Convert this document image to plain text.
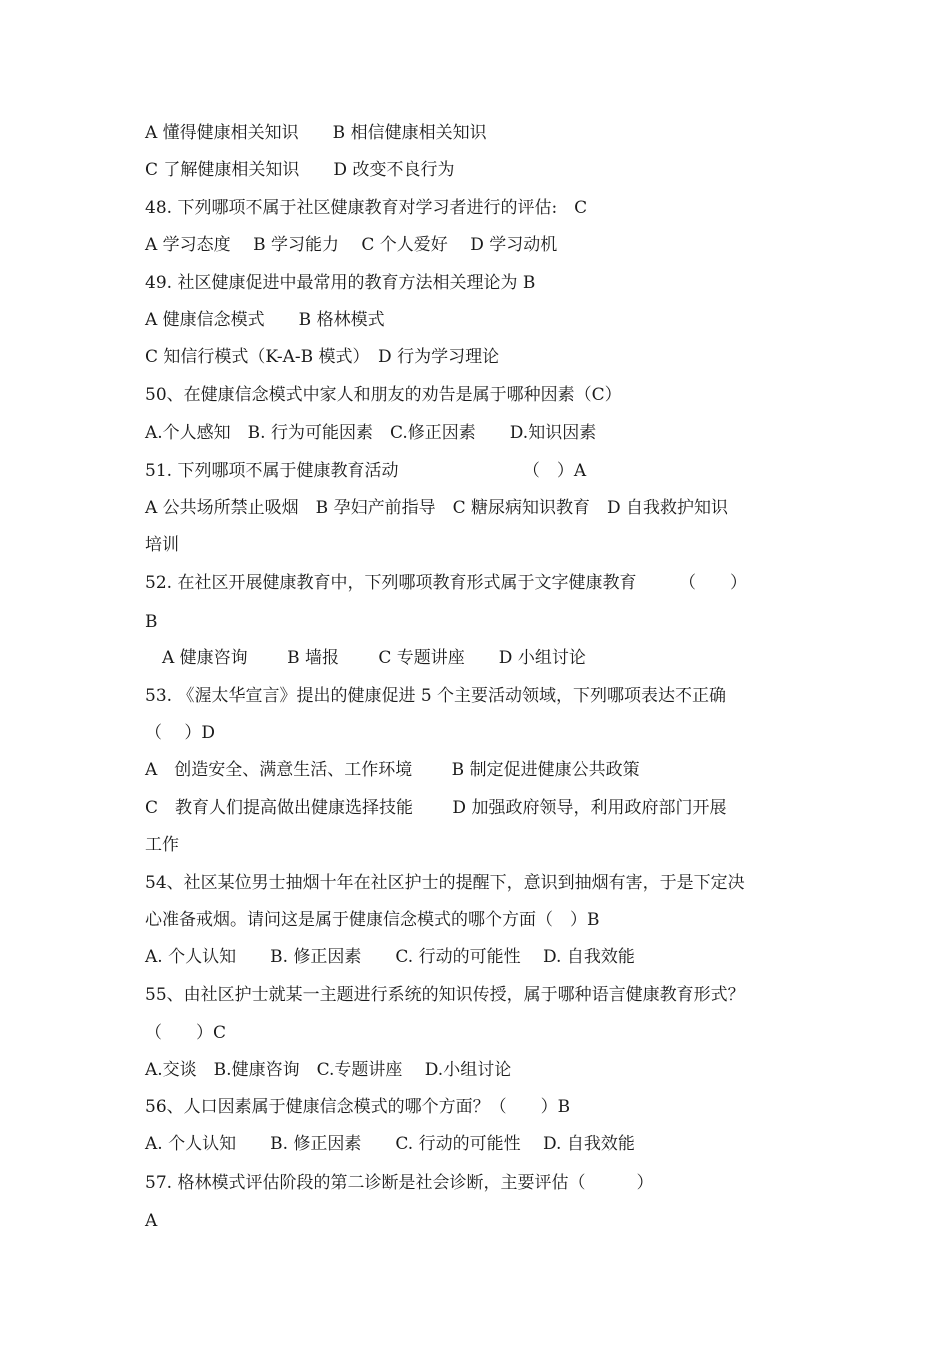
A 懂得健康相关知识　　B 相信健康相关知识
C 了解健康相关知识　　D 改变不良行为
48. 下列哪项不属于社区健康教育对学习者进行的评估:　C
A 学习态度　 B 学习能力　 C 个人爱好　 D 学习动机
49. 社区健康促进中最常用的教育方法相关理论为 B
A 健康信念模式　　B 格林模式
C 知信行模式（K-A-B 模式）　D 行为学习理论
50、在健康信念模式中家人和朋友的劝告是属于哪种因素（C）
A.个人感知　B. 行为可能因素　C.修正因素　　D.知识因素
51. 下列哪项不属于健康教育活动　　　　　　　 （　）A
A 公共场所禁止吸烟　B 孕妇产前指导　C 糖尿病知识教育　D 自我救护知识
培训
52. 在社区开展健康教育中，下列哪项教育形式属于文字健康教育　　　（　　）
B
　A 健康咨询　　 B 墙报　　 C 专题讲座　　D 小组讨论
53. 《渥太华宣言》提出的健康促进 5 个主要活动领域，下列哪项表达不正确
（　 ）D
A　创造安全、满意生活、工作环境　　 B 制定促进健康公共政策
C　教育人们提高做出健康选择技能　　 D 加强政府领导，利用政府部门开展
工作
54、社区某位男士抽烟十年在社区护士的提醒下，意识到抽烟有害，于是下定决
心准备戒烟。请问这是属于健康信念模式的哪个方面（　）B
A. 个人认知　　B. 修正因素　　C. 行动的可能性　 D. 自我效能
55、由社区护士就某一主题进行系统的知识传授，属于哪种语言健康教育形式？
（　　）C
A.交谈　B.健康咨询　C.专题讲座　 D.小组讨论
56、人口因素属于健康信念模式的哪个方面？（　　）B
A. 个人认知　　B. 修正因素　　C. 行动的可能性　 D. 自我效能
57. 格林模式评估阶段的第二诊断是社会诊断，主要评估（　　　）
A
